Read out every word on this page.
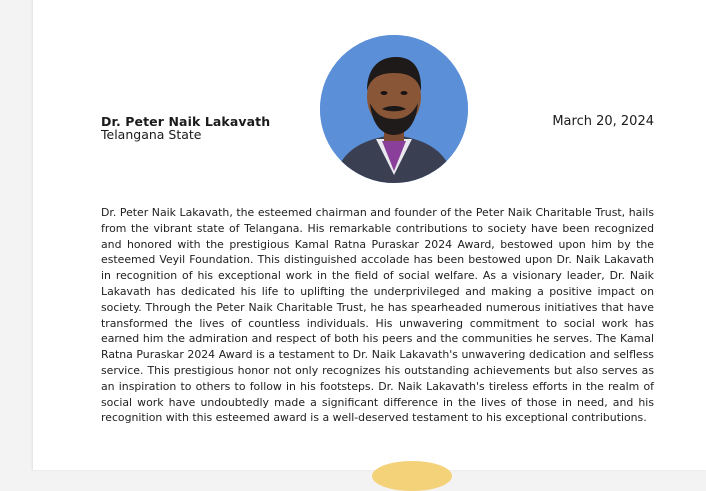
Dr. Peter Naik Lakavath
Telangana State
March 20, 2024

Dr. Peter Naik Lakavath, the esteemed chairman and founder of the Peter Naik Charitable Trust, hails from the vibrant state of Telangana. His remarkable contributions to society have been recognized and honored with the prestigious Kamal Ratna Puraskar 2024 Award, bestowed upon him by the esteemed Veyil Foundation. This distinguished accolade has been bestowed upon Dr. Naik Lakavath in recognition of his exceptional work in the field of social welfare. As a visionary leader, Dr. Naik Lakavath has dedicated his life to uplifting the underprivileged and making a positive impact on society. Through the Peter Naik Charitable Trust, he has spearheaded numerous initiatives that have transformed the lives of countless individuals. His unwavering commitment to social work has earned him the admiration and respect of both his peers and the communities he serves. The Kamal Ratna Puraskar 2024 Award is a testament to Dr. Naik Lakavath's unwavering dedication and selfless service. This prestigious honor not only recognizes his outstanding achievements but also serves as an inspiration to others to follow in his footsteps. Dr. Naik Lakavath's tireless efforts in the realm of social work have undoubtedly made a significant difference in the lives of those in need, and his recognition with this esteemed award is a well-deserved testament to his exceptional contributions.
